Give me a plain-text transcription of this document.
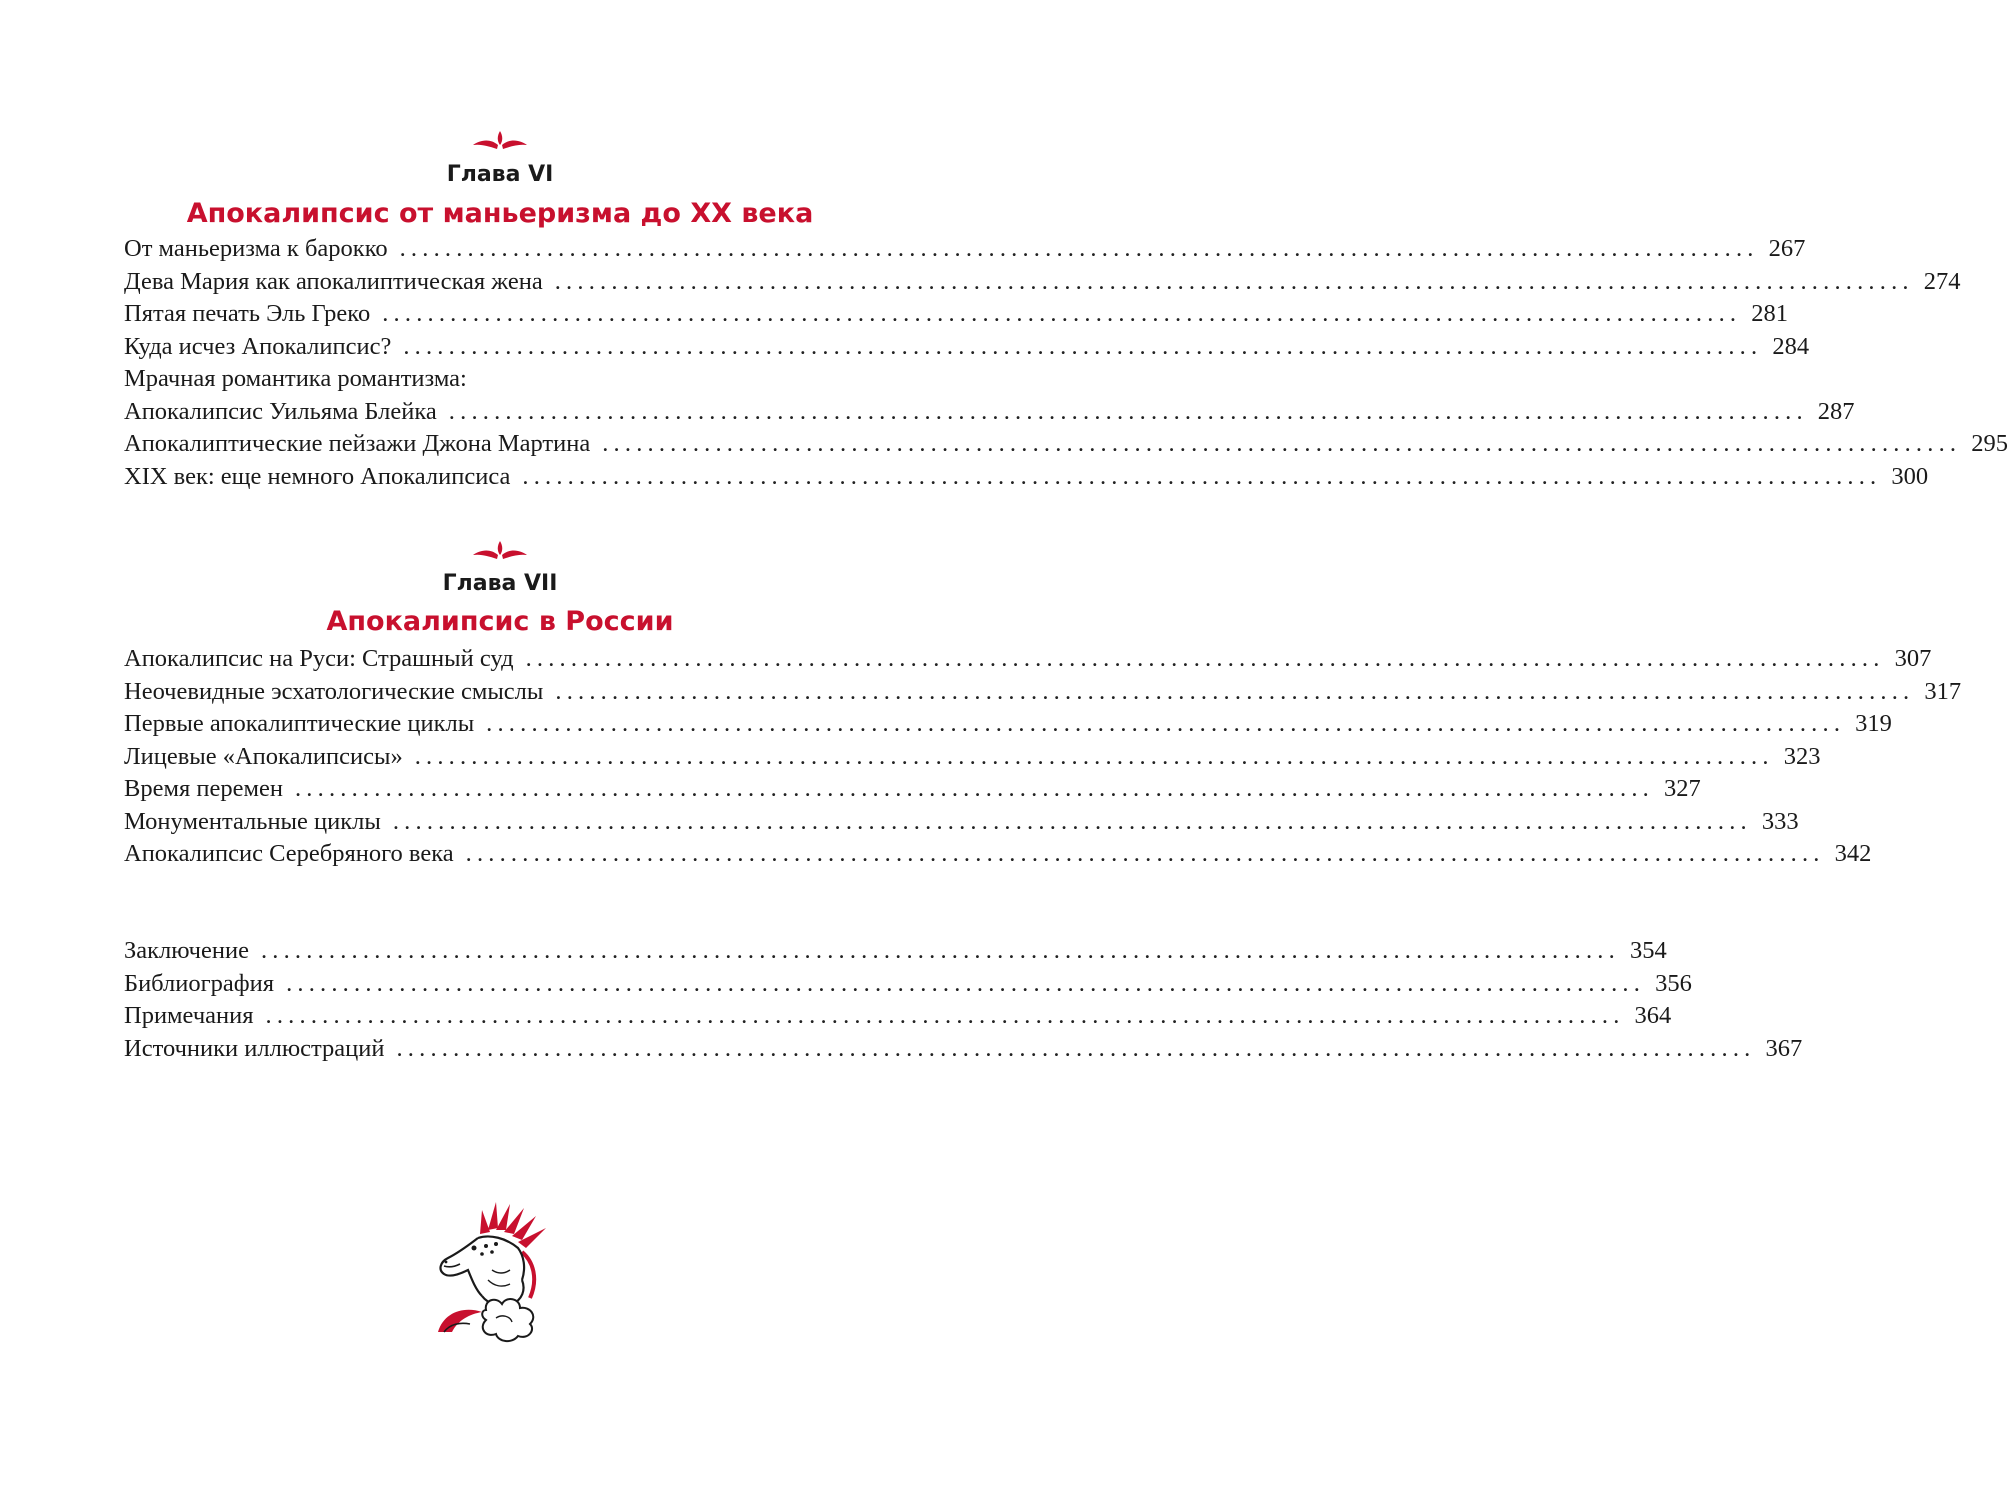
Глава VI
Апокалипсис от маньеризма до XX века
От маньеризма к барокко ........................................................................................................................ 267
Дева Мария как апокалиптическая жена ........................................................................................................................ 274
Пятая печать Эль Греко ........................................................................................................................ 281
Куда исчез Апокалипсис? ........................................................................................................................ 284
Мрачная романтика романтизма:
Апокалипсис Уильяма Блейка ........................................................................................................................ 287
Апокалиптические пейзажи Джона Мартина ........................................................................................................................ 295
XIX век: еще немного Апокалипсиса ........................................................................................................................ 300
Глава VII
Апокалипсис в России
Апокалипсис на Руси: Страшный суд ........................................................................................................................ 307
Неочевидные эсхатологические смыслы ........................................................................................................................ 317
Первые апокалиптические циклы ........................................................................................................................ 319
Лицевые «Апокалипсисы» ........................................................................................................................ 323
Время перемен ........................................................................................................................ 327
Монументальные циклы ........................................................................................................................ 333
Апокалипсис Серебряного века ........................................................................................................................ 342
Заключение ........................................................................................................................ 354
Библиография ........................................................................................................................ 356
Примечания ........................................................................................................................ 364
Источники иллюстраций ........................................................................................................................ 367
